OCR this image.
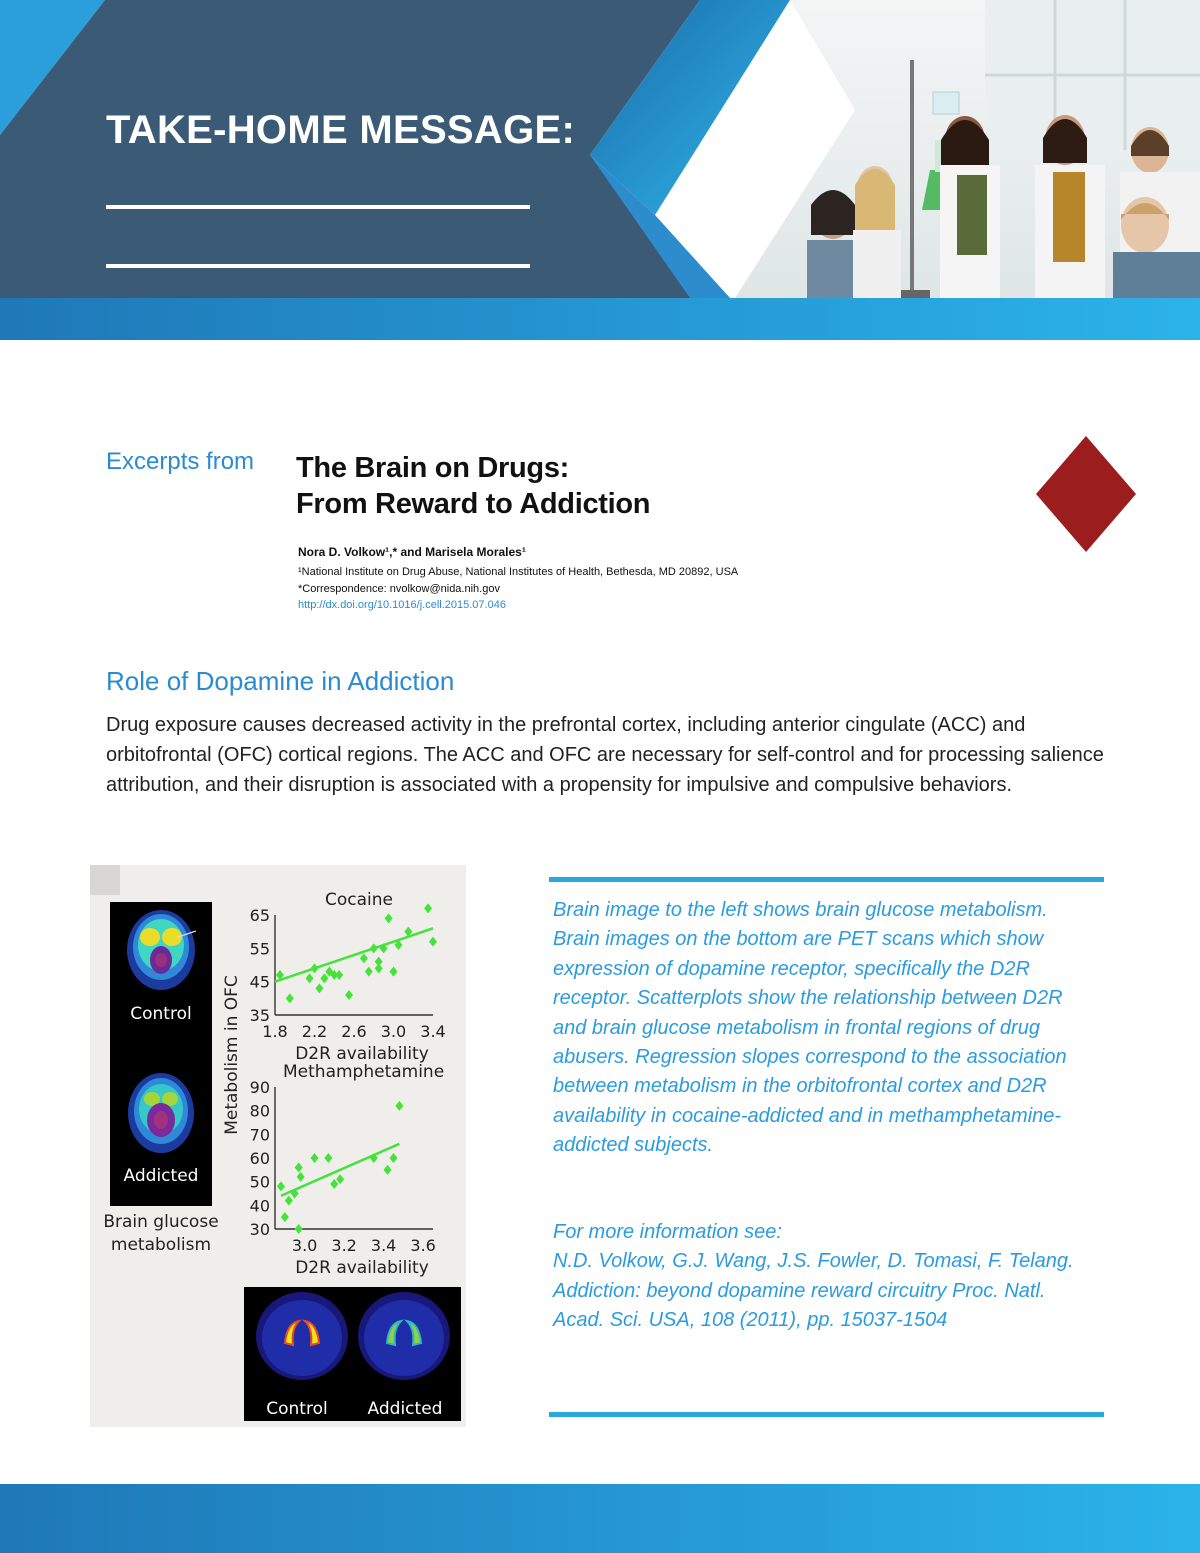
TAKE-HOME MESSAGE:
Excerpts from The Brain on Drugs:
From Reward to Addiction
Nora D. Volkow¹,* and Marisela Morales¹
¹National Institute on Drug Abuse, National Institutes of Health, Bethesda, MD 20892, USA
*Correspondence: nvolkow@nida.nih.gov
http://dx.doi.org/10.1016/j.cell.2015.07.046
Role of Dopamine in Addiction

Drug exposure causes decreased activity in the prefrontal cortex, including anterior cingulate (ACC) and orbitofrontal (OFC) cortical regions. The ACC and OFC are necessary for self-control and for processing salience attribution, and their disruption is associated with a propensity for impulsive and compulsive behaviors.

Control
Addicted
Brain glucose
metabolism
Metabolism in OFC
Cocaine
65
55
45
35
1.8 2.2 2.6 3.0 3.4
D2R availability
Methamphetamine
90
80
70
60
50
40
30
3.0 3.2 3.4 3.6
D2R availability
Control Addicted

Brain image to the left shows brain glucose metabolism. Brain images on the bottom are PET scans which show expression of dopamine receptor, specifically the D2R receptor. Scatterplots show the relationship between D2R and brain glucose metabolism in frontal regions of drug abusers. Regression slopes correspond to the association between metabolism in the orbitofrontal cortex and D2R availability in cocaine-addicted and in methamphetamine-addicted subjects.

For more information see:
N.D. Volkow, G.J. Wang, J.S. Fowler, D. Tomasi, F. Telang. Addiction: beyond dopamine reward circuitry Proc. Natl. Acad. Sci. USA, 108 (2011), pp. 15037-1504
